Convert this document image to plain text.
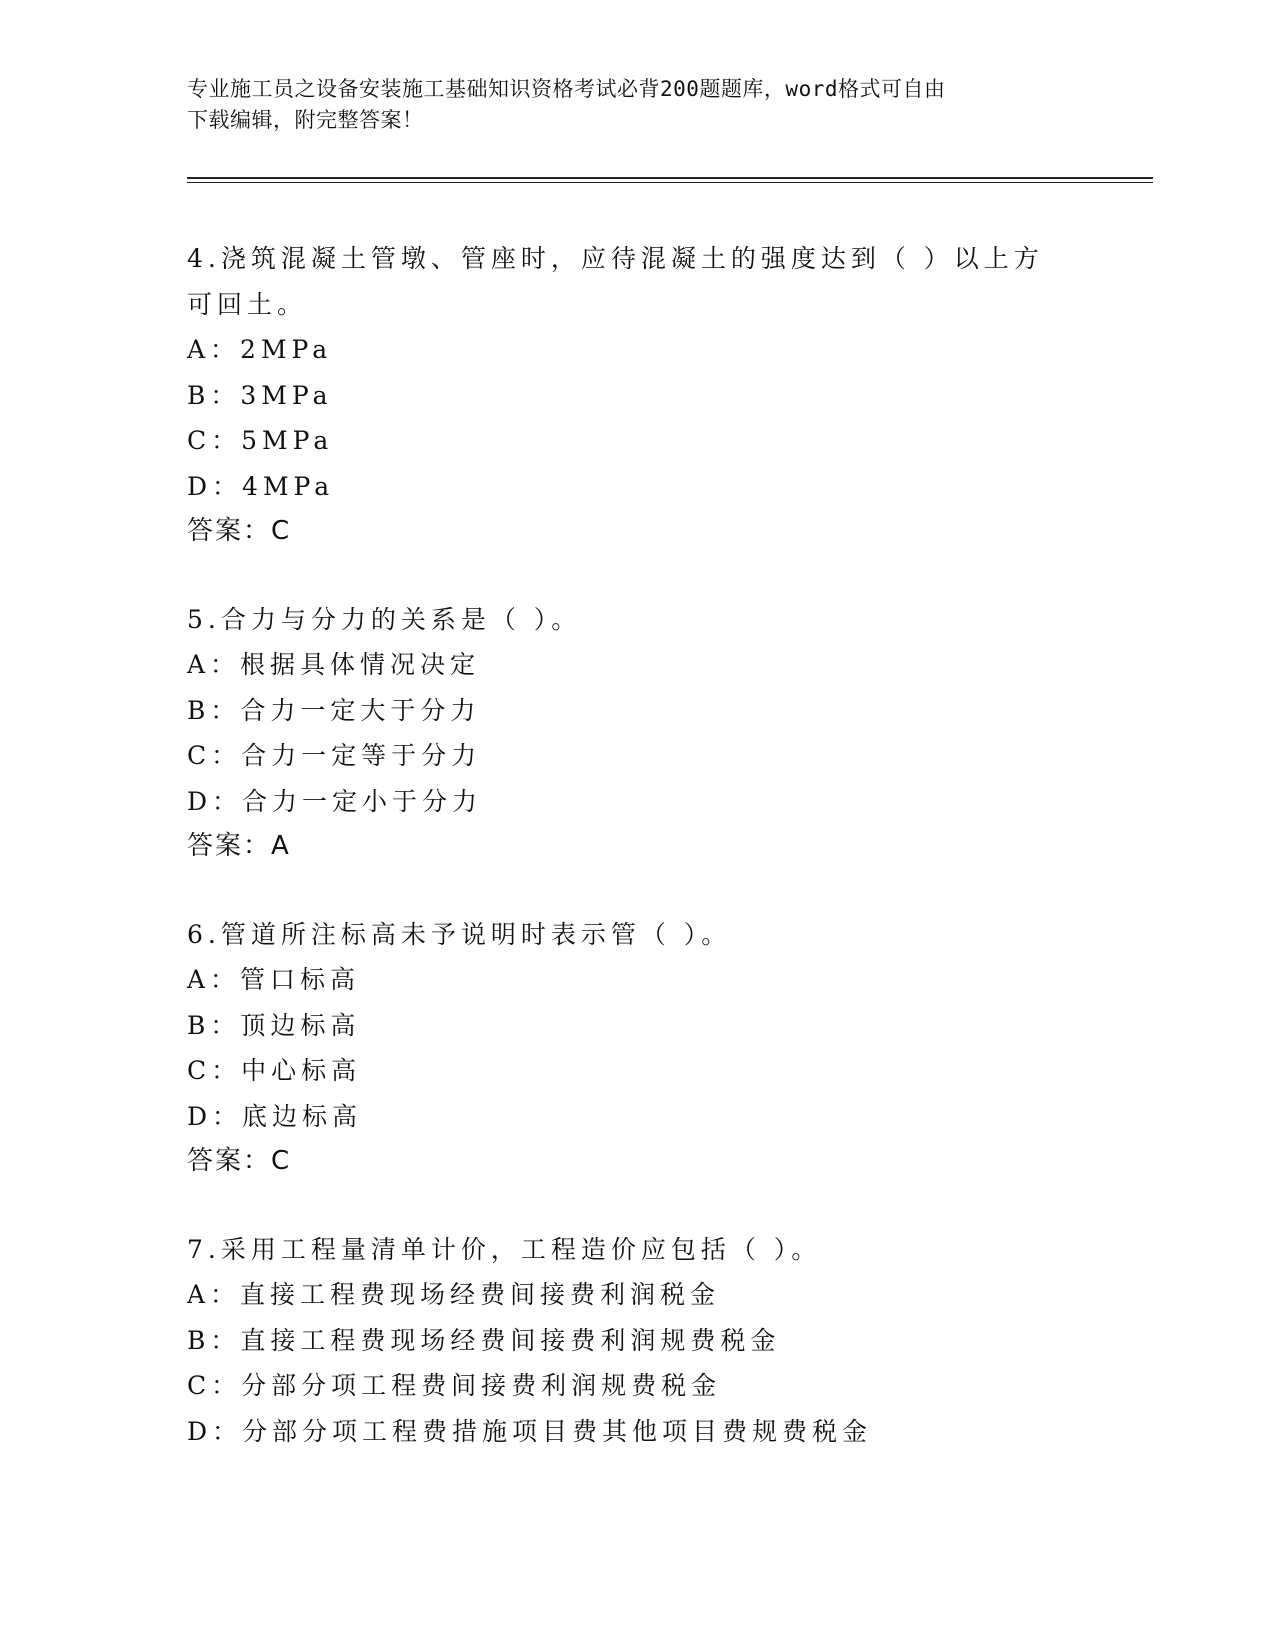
专业施工员之设备安装施工基础知识资格考试必背200题题库，word格式可自由
下载编辑，附完整答案！
4.浇筑混凝土管墩、管座时，应待混凝土的强度达到（ ）以上方可回土。
A：2MPa
B：3MPa
C：5MPa
D：4MPa
答案：C
5.合力与分力的关系是（ ）。
A：根据具体情况决定
B：合力一定大于分力
C：合力一定等于分力
D：合力一定小于分力
答案：A
6.管道所注标高未予说明时表示管（ ）。
A：管口标高
B：顶边标高
C：中心标高
D：底边标高
答案：C
7.采用工程量清单计价，工程造价应包括（ ）。
A：直接工程费现场经费间接费利润税金
B：直接工程费现场经费间接费利润规费税金
C：分部分项工程费间接费利润规费税金
D：分部分项工程费措施项目费其他项目费规费税金
